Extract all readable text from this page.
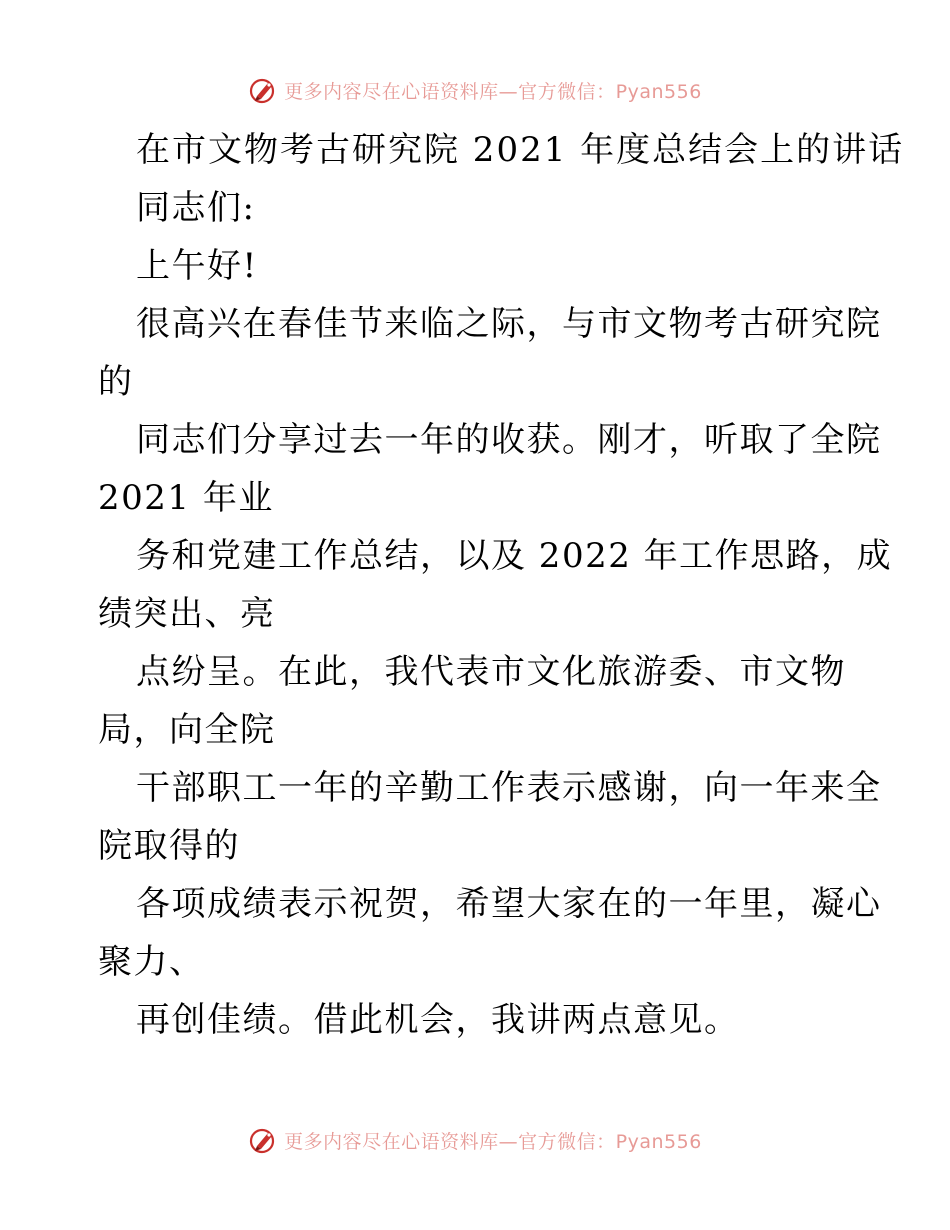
更多内容尽在心语资料库—官方微信：Pyan556
在市文物考古研究院 2021 年度总结会上的讲话
同志们:
上午好!
很高兴在春佳节来临之际，与市文物考古研究院
的
同志们分享过去一年的收获。刚才，听取了全院
2021 年业
务和党建工作总结，以及 2022 年工作思路，成
绩突出、亮
点纷呈。在此，我代表市文化旅游委、市文物
局，向全院
干部职工一年的辛勤工作表示感谢，向一年来全
院取得的
各项成绩表示祝贺，希望大家在的一年里，凝心
聚力、
再创佳绩。借此机会，我讲两点意见。
更多内容尽在心语资料库—官方微信：Pyan556
